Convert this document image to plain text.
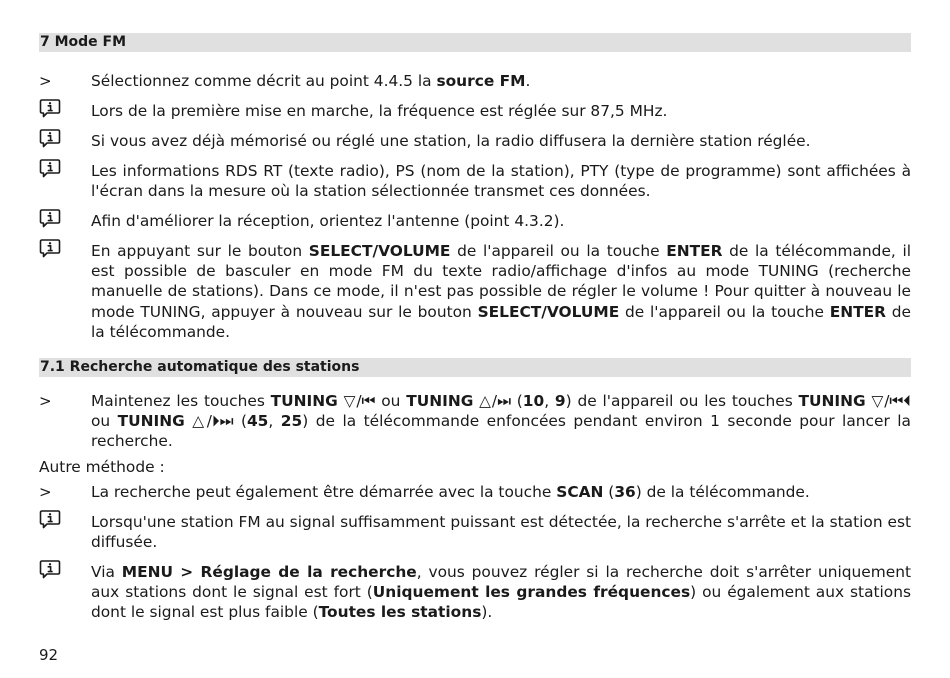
7 Mode FM
>	Sélectionnez comme décrit au point 4.4.5 la source FM.
Lors de la première mise en marche, la fréquence est réglée sur 87,5 MHz.
Si vous avez déjà mémorisé ou réglé une station, la radio diffusera la dernière station réglée.
Les informations RDS RT (texte radio), PS (nom de la station), PTY (type de programme) sont affichées à l'écran dans la mesure où la station sélectionnée transmet ces données.
Afin d'améliorer la réception, orientez l'antenne (point 4.3.2).
En appuyant sur le bouton SELECT/VOLUME de l'appareil ou la touche ENTER de la télécommande, il est possible de basculer en mode FM du texte radio/affichage d'infos au mode TUNING (recherche manuelle de stations). Dans ce mode, il n'est pas possible de régler le volume ! Pour quitter à nouveau le mode TUNING, appuyer à nouveau sur le bouton SELECT/VOLUME de l'appareil ou la touche ENTER de la télécommande.
7.1 Recherche automatique des stations
>	Maintenez les touches TUNING ▽/⏮ ou TUNING △/⏭ (10, 9) de l'appareil ou les touches TUNING ▽/⏮⏴ ou TUNING △/⏵⏭ (45, 25) de la télécommande enfoncées pendant environ 1 seconde pour lancer la recherche.
Autre méthode :
>	La recherche peut également être démarrée avec la touche SCAN (36) de la télécommande.
Lorsqu'une station FM au signal suffisamment puissant est détectée, la recherche s'arrête et la station est diffusée.
Via MENU > Réglage de la recherche, vous pouvez régler si la recherche doit s'arrêter uniquement aux stations dont le signal est fort (Uniquement les grandes fréquences) ou également aux stations dont le signal est plus faible (Toutes les stations).
92
